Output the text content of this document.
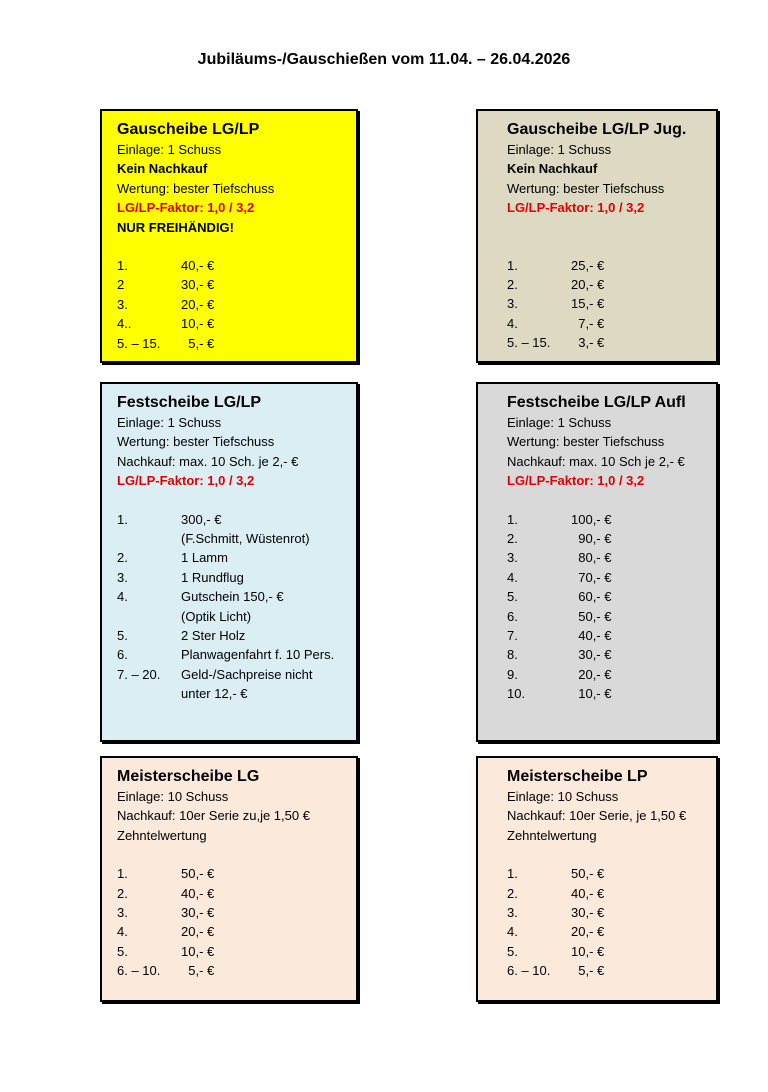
Jubiläums-/Gauschießen vom 11.04. – 26.04.2026
Gauscheibe LG/LP
Einlage: 1 Schuss
Kein Nachkauf
Wertung: bester Tiefschuss
LG/LP-Faktor: 1,0 / 3,2
NUR FREIHÄNDIG!
1.	40,- €
2	30,- €
3.	20,- €
4..	10,- €
5. – 15.	5,- €
Gauscheibe LG/LP Jug.
Einlage: 1 Schuss
Kein Nachkauf
Wertung: bester Tiefschuss
LG/LP-Faktor: 1,0 / 3,2
1.	25,- €
2.	20,- €
3.	15,- €
4.	7,- €
5. – 15.	3,- €
Festscheibe LG/LP
Einlage: 1 Schuss
Wertung: bester Tiefschuss
Nachkauf: max. 10 Sch. je 2,- €
LG/LP-Faktor: 1,0 / 3,2
1.	300,- €
	(F.Schmitt, Wüstenrot)
2.	1 Lamm
3.	1 Rundflug
4.	Gutschein 150,- €
	(Optik Licht)
5.	2 Ster Holz
6.	Planwagenfahrt f. 10 Pers.
7. – 20.	Geld-/Sachpreise nicht
	unter 12,- €
Festscheibe LG/LP Aufl
Einlage: 1 Schuss
Wertung: bester Tiefschuss
Nachkauf: max. 10 Sch je 2,- €
LG/LP-Faktor: 1,0 / 3,2
1.	100,- €
2.	90,- €
3.	80,- €
4.	70,- €
5.	60,- €
6.	50,- €
7.	40,- €
8.	30,- €
9.	20,- €
10.	10,- €
Meisterscheibe LG
Einlage: 10 Schuss
Nachkauf: 10er Serie zu,je 1,50 €
Zehntelwertung
1.	50,- €
2.	40,- €
3.	30,- €
4.	20,- €
5.	10,- €
6. – 10.	5,- €
Meisterscheibe LP
Einlage: 10 Schuss
Nachkauf: 10er Serie, je 1,50 €
Zehntelwertung
1.	50,- €
2.	40,- €
3.	30,- €
4.	20,- €
5.	10,- €
6. – 10.	5,- €
